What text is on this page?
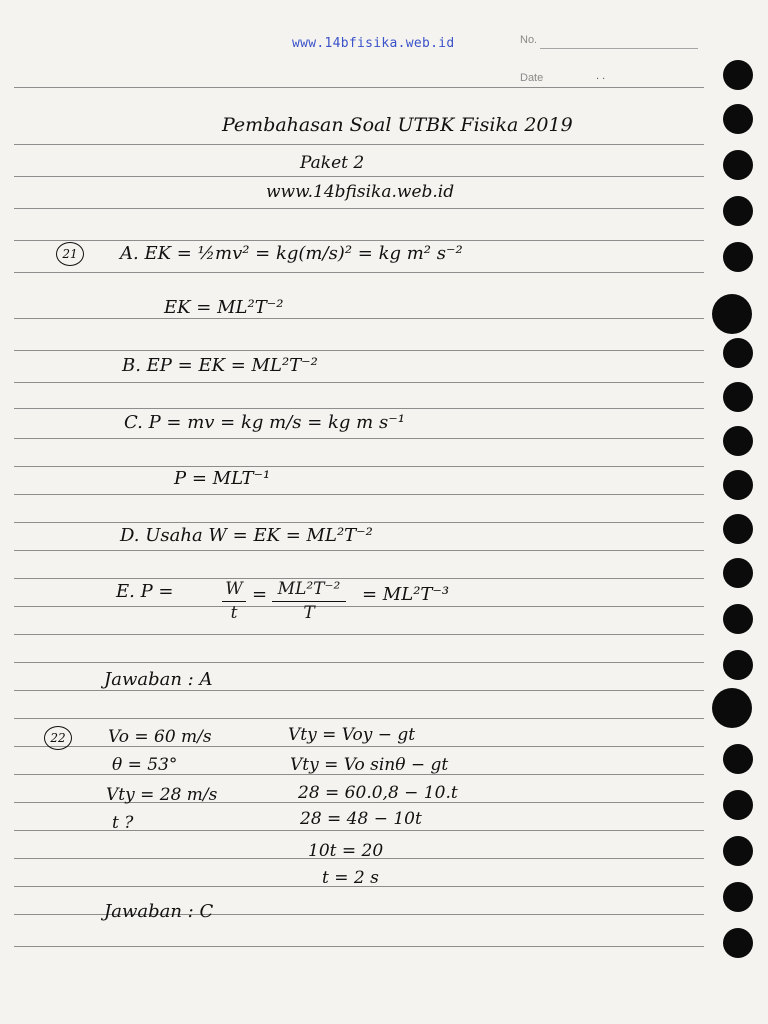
www.14bfisika.web.id	No.
Date	. .
Pembahasan Soal UTBK Fisika 2019
Paket 2
www.14bfisika.web.id
21 A. EK = ½mv² = kg(m/s)² = kg m² s⁻²
EK = ML²T⁻²
B. EP = EK = ML²T⁻²
C. P = mv = kg m/s = kg m s⁻¹
P = MLT⁻¹
D. Usaha W = EK = ML²T⁻²
E. P =	W
t
= ML²T⁻²
T
= ML²T⁻³
Jawaban : A
22 Vo = 60 m/s
θ = 53°
Vty = 28 m/s
t ?
Vty = Voy − gt
Vty = Vo sinθ − gt
28 = 60.0,8 − 10.t
28 = 48 − 10t
10t = 20
t = 2 s
Jawaban : C
